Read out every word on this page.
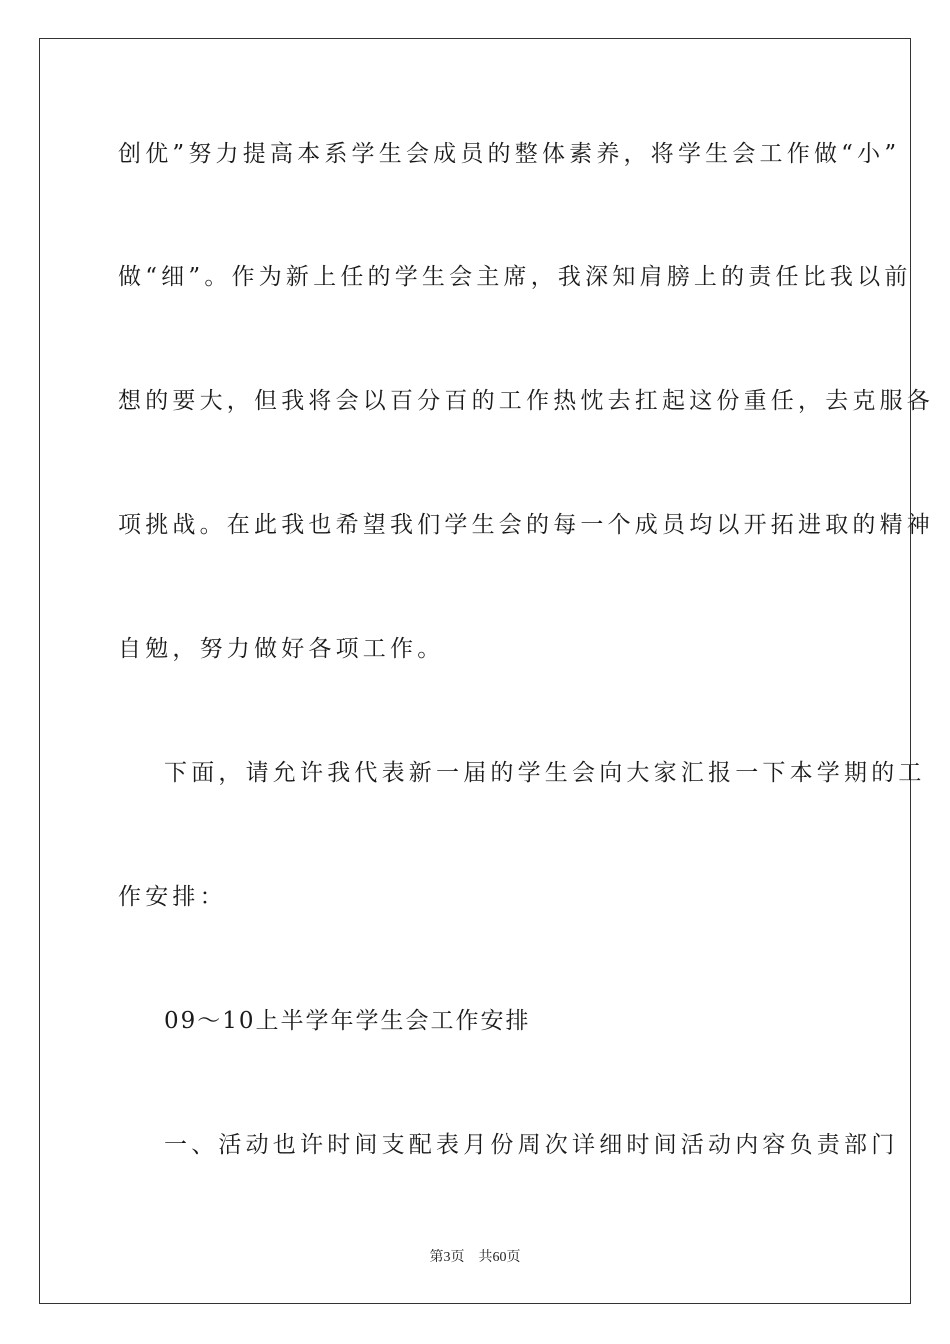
创优”努力提高本系学生会成员的整体素养，将学生会工作做“小”
做“细”。作为新上任的学生会主席，我深知肩膀上的责任比我以前
想的要大，但我将会以百分百的工作热忱去扛起这份重任，去克服各
项挑战。在此我也希望我们学生会的每一个成员均以开拓进取的精神
自勉，努力做好各项工作。
下面，请允许我代表新一届的学生会向大家汇报一下本学期的工
作安排：
09～10上半学年学生会工作安排
一、活动也许时间支配表月份周次详细时间活动内容负责部门
第3页 共60页
